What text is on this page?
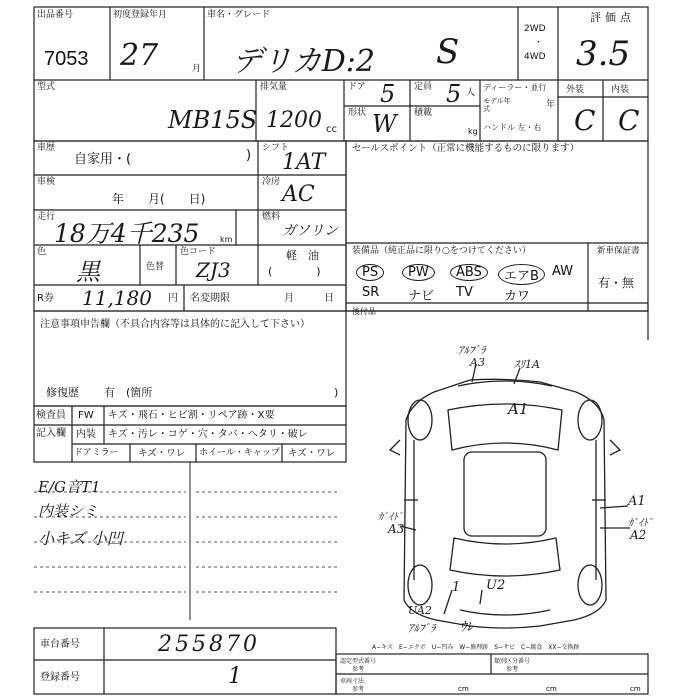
出品番号
7053
初度登録年月
27	月
車名・グレード
デリカD:2 S
2WD
・
4WD
評価点
3.5
型式
MB15S
排気量
1200 cc
ドア 5 定員 5 人
形状 W 積載
kg
ディーラー・並行
モデル年式	年
ハンドル 左・右
外装	内装
C C
車歴
自家用・(	) シフト
1AT
車検
年　　月(　　日)
冷房 AC
走行
18万4千235	km
燃料
ガソリン
軽　油
(　　　　)
色
黒	色替
色コード
ZJ3
R券 11,180 円 名変期限	月　　　日
セールスポイント（正常に機能するものに限ります）
装備品（純正品に限り○をつけてください）	新車保証書
有・無
PS	PW	ABS	エアB	AW
SR ナビ TV カワ
後付品
注意事項申告欄（不具合内容等は具体的に記入して下さい）
修復歴 有　(箇所	)
検査員
記入欄
FW キズ・飛石・ヒビ割・リペア跡・X要
内装 キズ・汚レ・コゲ・穴・タバ・ヘタリ・破レ
ドアミラー キズ・ワレ ホイール・キャップ キズ・ワレ
E/G音T1
内装シミ
小キズ 小凹
ｱﾙﾌﾞﾗ
A3	ｽﾘ1A
A1
A1
ｶﾞｲﾄﾞ
A2
ｶﾞｲﾄﾞ
A3
U2
1
UA2
ｱﾙﾌﾞﾗ ｳﾚ
A−キズ　E−エクボ　U−凹み　W−修理跡　S−サビ　C−腐食　XX−交換跡
車台番号	255870
登録番号	1
認定型式番号
参考
類別区分番号
参考
車両寸法
参考	cm	cm	cm
